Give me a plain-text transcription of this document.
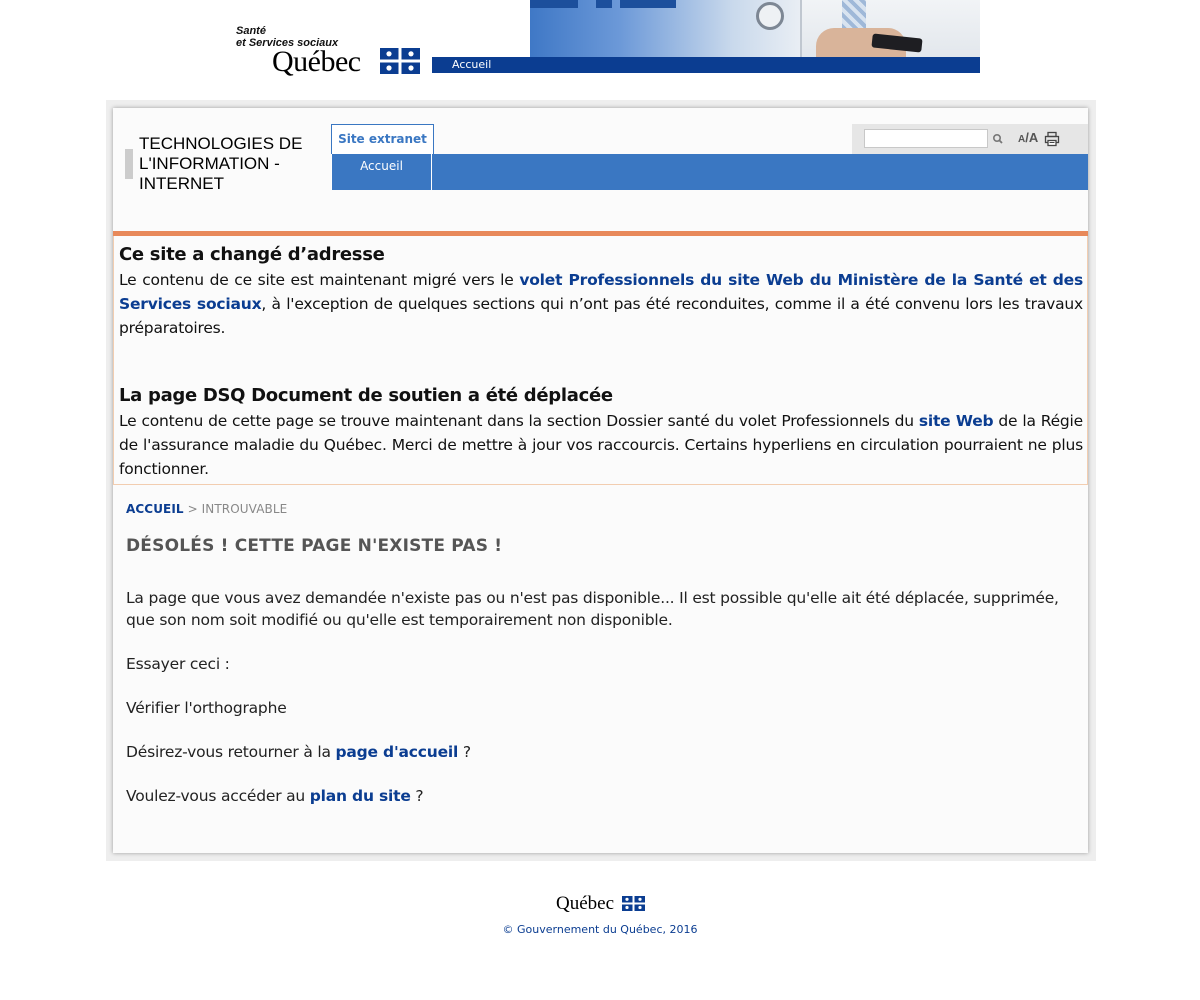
Santé
et Services sociaux
Québec	Accueil
TECHNOLOGIES DE L'INFORMATION - INTERNET
Site extranet
Accueil
A/A
Ce site a changé d’adresse
Le contenu de ce site est maintenant migré vers le volet Professionnels du site Web du Ministère de la Santé et des Services sociaux, à l'exception de quelques sections qui n’ont pas été reconduites, comme il a été convenu lors les travaux préparatoires.
La page DSQ Document de soutien a été déplacée
Le contenu de cette page se trouve maintenant dans la section Dossier santé du volet Professionnels du site Web de la Régie de l'assurance maladie du Québec. Merci de mettre à jour vos raccourcis. Certains hyperliens en circulation pourraient ne plus fonctionner.
ACCUEIL > INTROUVABLE
DÉSOLÉS ! CETTE PAGE N'EXISTE PAS !
La page que vous avez demandée n'existe pas ou n'est pas disponible... Il est possible qu'elle ait été déplacée, supprimée, que son nom soit modifié ou qu'elle est temporairement non disponible.
Essayer ceci :
Vérifier l'orthographe
Désirez-vous retourner à la page d'accueil ?
Voulez-vous accéder au plan du site ?
Québec
© Gouvernement du Québec, 2016
